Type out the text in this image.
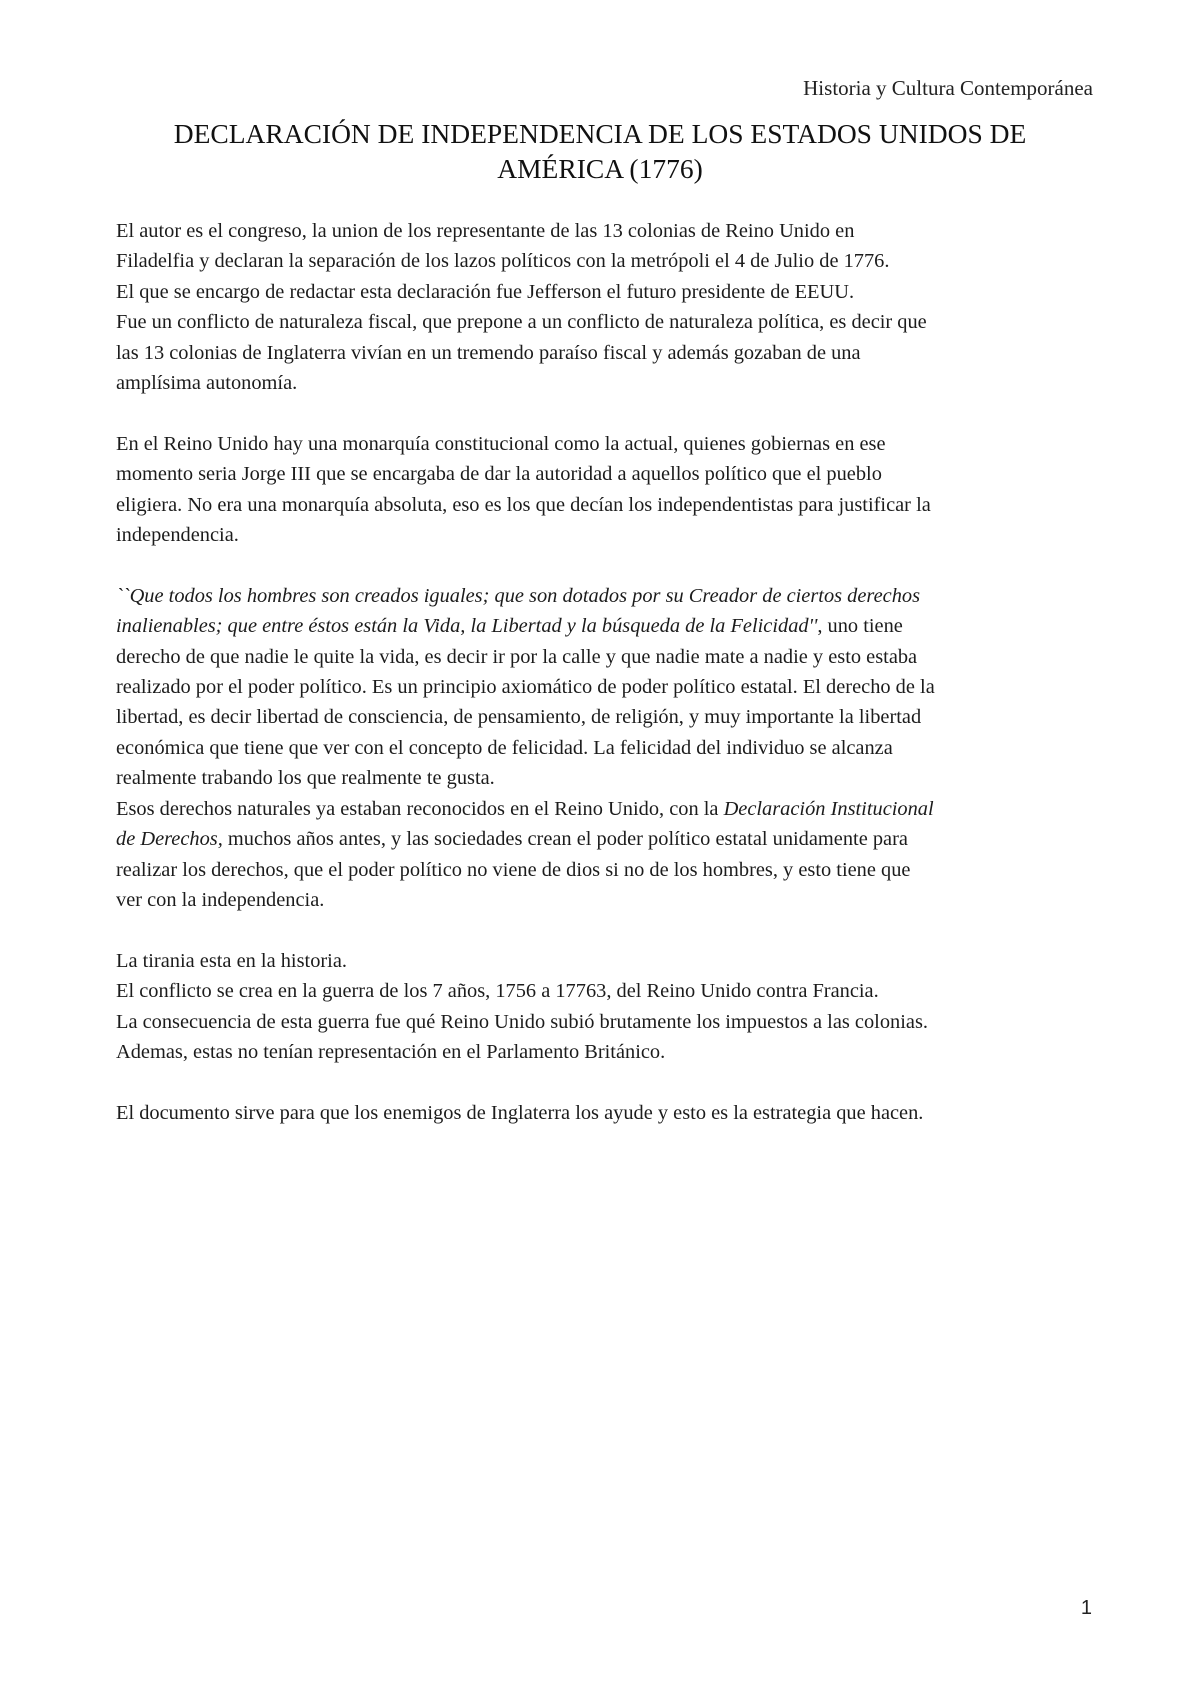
Historia y Cultura Contemporánea
DECLARACIÓN DE INDEPENDENCIA DE LOS ESTADOS UNIDOS DE
AMÉRICA (1776)

El autor es el congreso, la union de los representante de las 13 colonias de Reino Unido en
Filadelfia y declaran la separación de los lazos políticos con la metrópoli el 4 de Julio de 1776.
El que se encargo de redactar esta declaración fue Jefferson el futuro presidente de EEUU.
Fue un conflicto de naturaleza fiscal, que prepone a un conflicto de naturaleza política, es decir que
las 13 colonias de Inglaterra vivían en un tremendo paraíso fiscal y además gozaban de una
amplísima autonomía.

En el Reino Unido hay una monarquía constitucional como la actual, quienes gobiernas en ese
momento seria Jorge III que se encargaba de dar la autoridad a aquellos político que el pueblo
eligiera. No era una monarquía absoluta, eso es los que decían los independentistas para justificar la
independencia.

``Que todos los hombres son creados iguales; que son dotados por su Creador de ciertos derechos
inalienables; que entre éstos están la Vida, la Libertad y la búsqueda de la Felicidad'', uno tiene
derecho de que nadie le quite la vida, es decir ir por la calle y que nadie mate a nadie y esto estaba
realizado por el poder político. Es un principio axiomático de poder político estatal. El derecho de la
libertad, es decir libertad de consciencia, de pensamiento, de religión, y muy importante la libertad
económica que tiene que ver con el concepto de felicidad. La felicidad del individuo se alcanza
realmente trabando los que realmente te gusta.

Esos derechos naturales ya estaban reconocidos en el Reino Unido, con la Declaración Institucional
de Derechos, muchos años antes, y las sociedades crean el poder político estatal unidamente para
realizar los derechos, que el poder político no viene de dios si no de los hombres, y esto tiene que
ver con la independencia.

La tirania esta en la historia.
El conflicto se crea en la guerra de los 7 años, 1756 a 17763, del Reino Unido contra Francia.
La consecuencia de esta guerra fue qué Reino Unido subió brutamente los impuestos a las colonias.
Ademas, estas no tenían representación en el Parlamento Británico.

El documento sirve para que los enemigos de Inglaterra los ayude y esto es la estrategia que hacen.

1
